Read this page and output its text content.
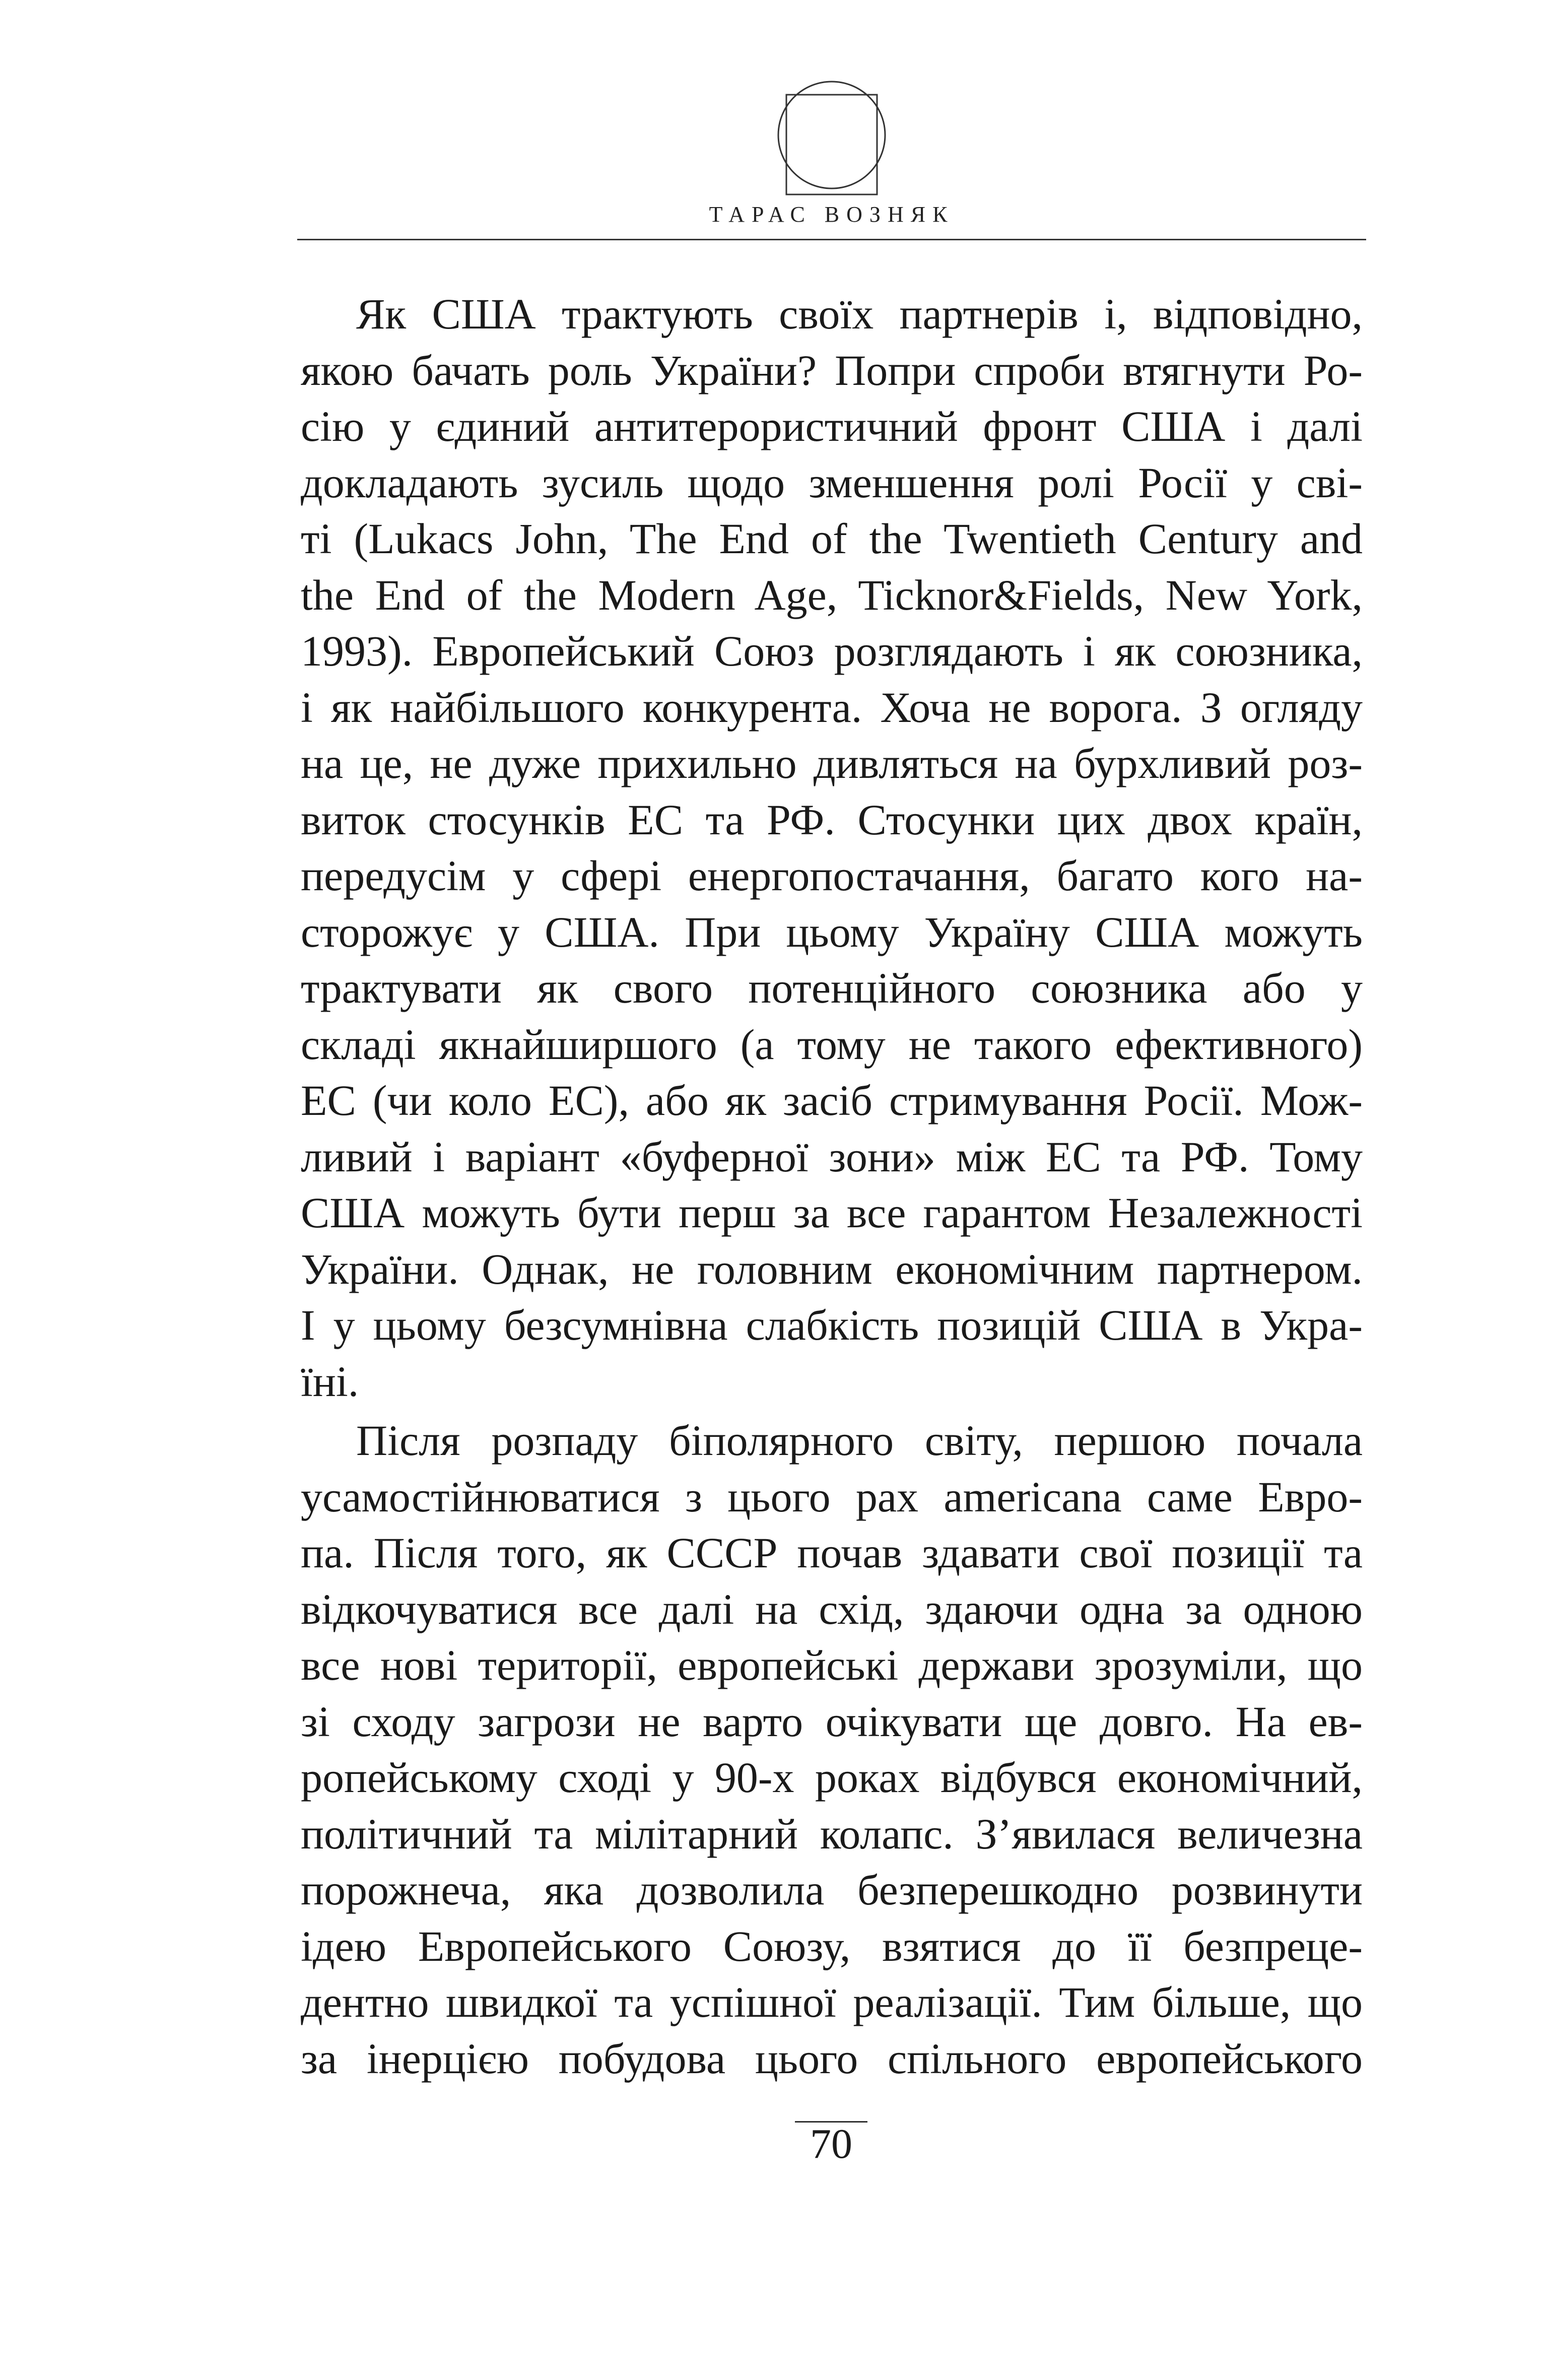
ТАРАС ВОЗНЯК
Як США трактують своїх партнерів і, відповідно,
якою бачать роль України? Попри спроби втягнути Ро-
сію у єдиний антитерористичний фронт США і далі
докладають зусиль щодо зменшення ролі Росії у сві-
ті (Lukacs John, The End of the Twentieth Century and
the End of the Modern Age, Ticknor&Fields, New York,
1993). Европейський Союз розглядають і як союзника,
і як найбільшого конкурента. Хоча не ворога. З огляду
на це, не дуже прихильно дивляться на бурхливий роз-
виток стосунків ЕС та РФ. Стосунки цих двох країн,
передусім у сфері енергопостачання, багато кого на-
сторожує у США. При цьому Україну США можуть
трактувати як свого потенційного союзника або у
складі якнайширшого (а тому не такого ефективного)
ЕС (чи коло ЕС), або як засіб стримування Росії. Мож-
ливий і варіант «буферної зони» між ЕС та РФ. Тому
США можуть бути перш за все гарантом Незалежності
України. Однак, не головним економічним партнером.
І у цьому безсумнівна слабкість позицій США в Укра-
їні.
Після розпаду біполярного світу, першою почала
усамостійнюватися з цього рах americana саме Евро-
па. Після того, як СССР почав здавати свої позиції та
відкочуватися все далі на схід, здаючи одна за одною
все нові території, европейські держави зрозуміли, що
зі сходу загрози не варто очікувати ще довго. На ев-
ропейському сході у 90-х роках відбувся економічний,
політичний та мілітарний колапс. З’явилася величезна
порожнеча, яка дозволила безперешкодно розвинути
ідею Европейського Союзу, взятися до її безпреце-
дентно швидкої та успішної реалізації. Тим більше, що
за інерцією побудова цього спільного европейського
70
